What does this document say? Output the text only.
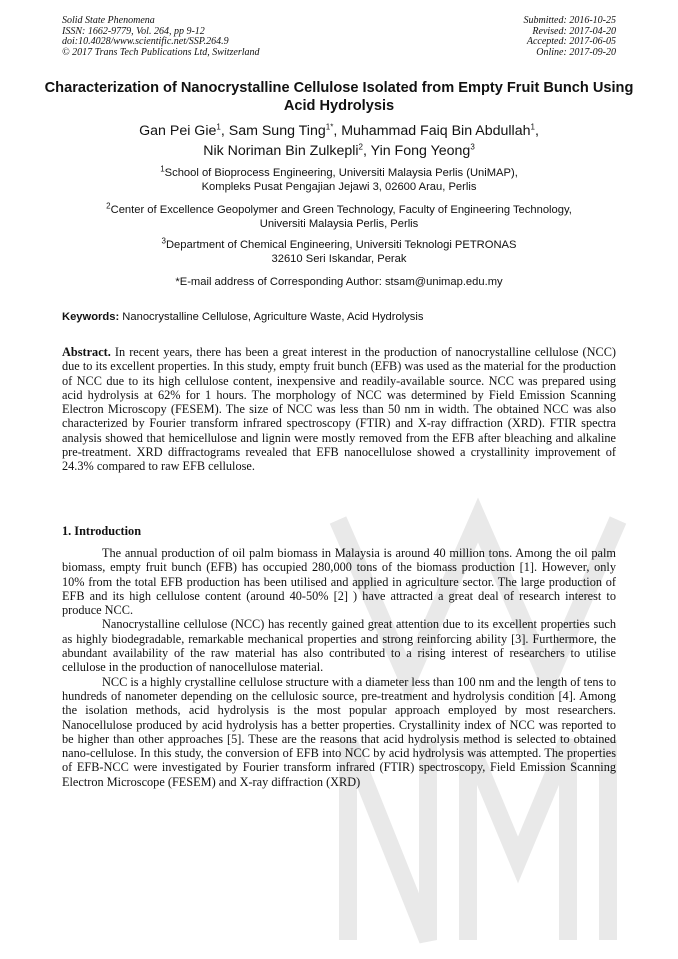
Solid State Phenomena
ISSN: 1662-9779, Vol. 264, pp 9-12
doi:10.4028/www.scientific.net/SSP.264.9
© 2017 Trans Tech Publications Ltd, Switzerland
Submitted: 2016-10-25
Revised: 2017-04-20
Accepted: 2017-06-05
Online: 2017-09-20
Characterization of Nanocrystalline Cellulose Isolated from Empty Fruit Bunch Using Acid Hydrolysis
Gan Pei Gie$^1$, Sam Sung Ting$^{1*}$, Muhammad Faiq Bin Abdullah$^1$,
Nik Noriman Bin Zulkepli$^2$, Yin Fong Yeong$^3$
$^1$School of Bioprocess Engineering, Universiti Malaysia Perlis (UniMAP),
Kompleks Pusat Pengajian Jejawi 3, 02600 Arau, Perlis
$^2$Center of Excellence Geopolymer and Green Technology, Faculty of Engineering Technology,
Universiti Malaysia Perlis, Perlis
$^3$Department of Chemical Engineering, Universiti Teknologi PETRONAS
32610 Seri Iskandar, Perak
*E-mail address of Corresponding Author: stsam@unimap.edu.my
Keywords: Nanocrystalline Cellulose, Agriculture Waste, Acid Hydrolysis
Abstract. In recent years, there has been a great interest in the production of nanocrystalline cellulose (NCC) due to its excellent properties. In this study, empty fruit bunch (EFB) was used as the material for the production of NCC due to its high cellulose content, inexpensive and readily-available source. NCC was prepared using acid hydrolysis at 62% for 1 hours. The morphology of NCC was determined by Field Emission Scanning Electron Microscopy (FESEM). The size of NCC was less than 50 nm in width. The obtained NCC was also characterized by Fourier transform infrared spectroscopy (FTIR) and X-ray diffraction (XRD). FTIR spectra analysis showed that hemicellulose and lignin were mostly removed from the EFB after bleaching and alkaline pre-treatment. XRD diffractograms revealed that EFB nanocellulose showed a crystallinity improvement of 24.3% compared to raw EFB cellulose.
1. Introduction

The annual production of oil palm biomass in Malaysia is around 40 million tons. Among the oil palm biomass, empty fruit bunch (EFB) has occupied 280,000 tons of the biomass production [1]. However, only 10% from the total EFB production has been utilised and applied in agriculture sector. The large production of EFB and its high cellulose content (around 40-50% [2] ) have attracted a great deal of research interest to produce NCC.

Nanocrystalline cellulose (NCC) has recently gained great attention due to its excellent properties such as highly biodegradable, remarkable mechanical properties and strong reinforcing ability [3]. Furthermore, the abundant availability of the raw material has also contributed to a rising interest of researchers to utilise cellulose in the production of nanocellulose material.

NCC is a highly crystalline cellulose structure with a diameter less than 100 nm and the length of tens to hundreds of nanometer depending on the cellulosic source, pre-treatment and hydrolysis condition [4]. Among the isolation methods, acid hydrolysis is the most popular approach employed by most researchers. Nanocellulose produced by acid hydrolysis has a better properties. Crystallinity index of NCC was reported to be higher than other approaches [5]. These are the reasons that acid hydrolysis method is selected to obtained nano-cellulose. In this study, the conversion of EFB into NCC by acid hydrolysis was attempted. The properties of EFB-NCC were investigated by Fourier transform infrared (FTIR) spectroscopy, Field Emission Scanning Electron Microscope (FESEM) and X-ray diffraction (XRD)
